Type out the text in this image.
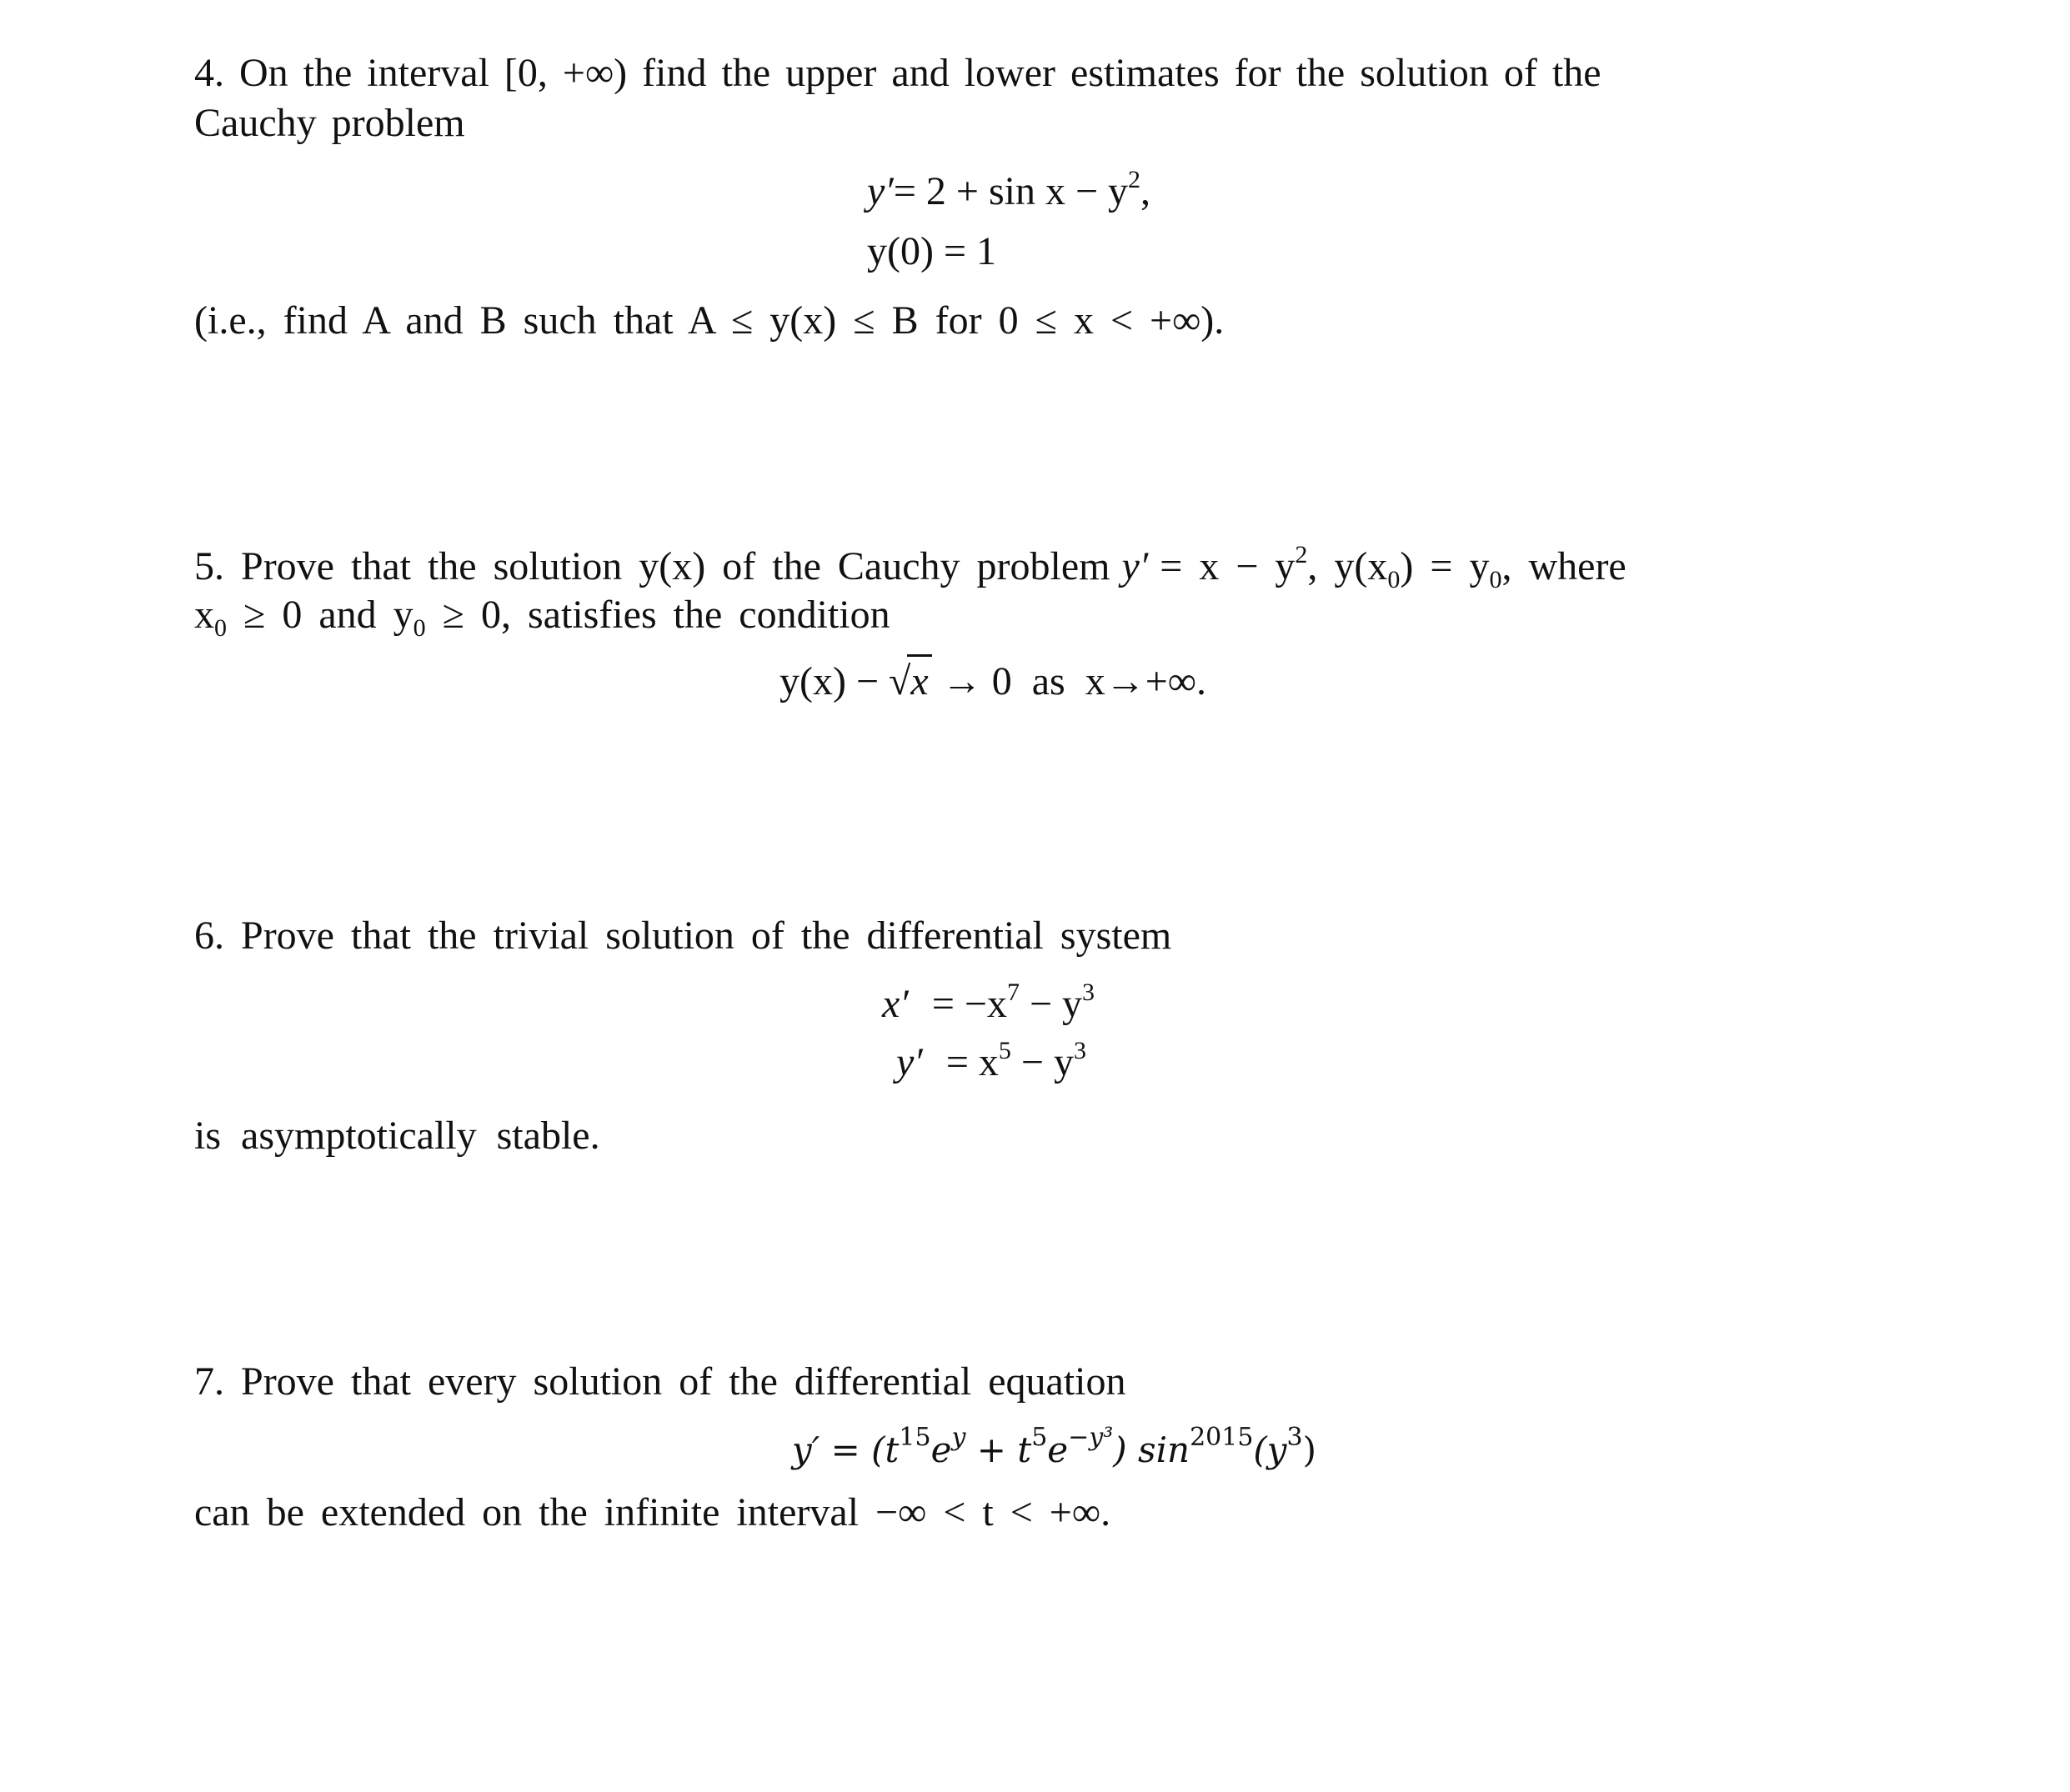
4. On the interval [0, +∞) find the upper and lower estimates for the solution of the
Cauchy problem
$y'= 2 + \sin x - y^2$,
y(0) = 1
(i.e., find A and B such that A ≤ y(x) ≤ B for 0 ≤ x < +∞).
5. Prove that the solution y(x) of the Cauchy problem $y' = x - y^2$, $y(x_0) = y_0$, where
$x_0 \ge 0$ and $y_0 \ge 0$, satisfies the condition
y(x) − √x → 0  as  x→+∞.
6. Prove that the trivial solution of the differential system
$x' = -x^7 - y^3$
$y' = x^5 - y^3$
is asymptotically stable.
7. Prove that every solution of the differential equation
$y' = (t^{15}e^y + t^5e^{-y^3})$ $\sin^{2015}(y^3)$
can be extended on the infinite interval −∞ < t < +∞.
